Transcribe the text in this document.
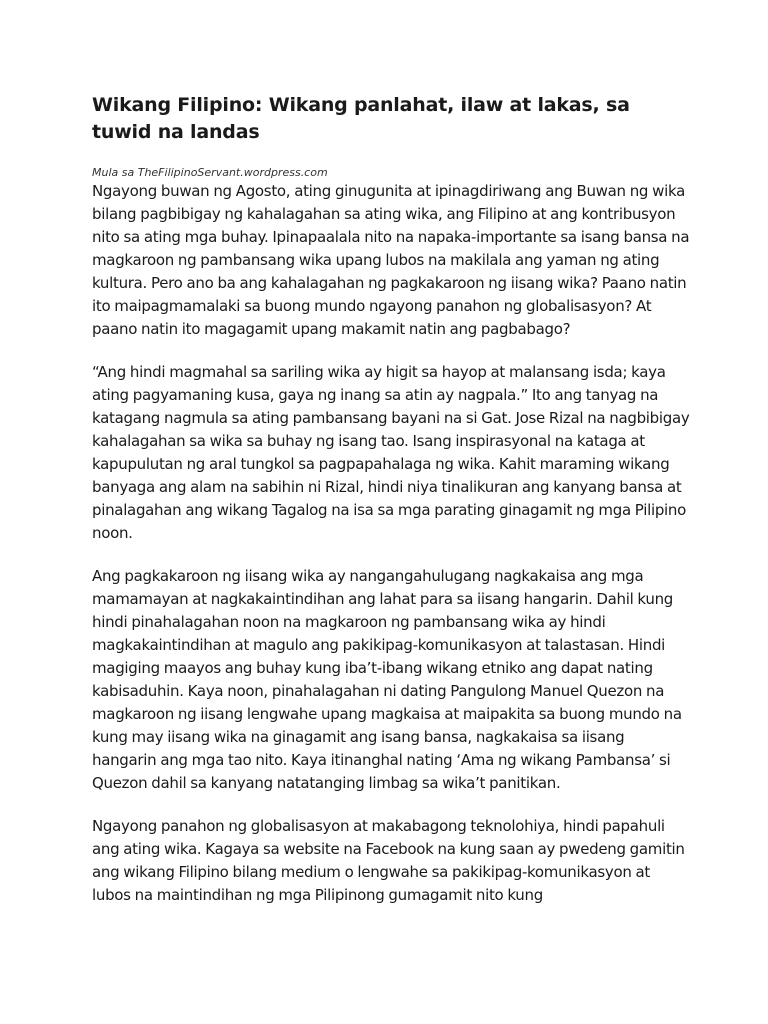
Wikang Filipino: Wikang panlahat, ilaw at lakas, sa tuwid na landas

Mula sa TheFilipinoServant.wordpress.com

Ngayong buwan ng Agosto, ating ginugunita at ipinagdiriwang ang Buwan ng wika bilang pagbibigay ng kahalagahan sa ating wika, ang Filipino at ang kontribusyon nito sa ating mga buhay. Ipinapaalala nito na napaka-importante sa isang bansa na magkaroon ng pambansang wika upang lubos na makilala ang yaman ng ating kultura. Pero ano ba ang kahalagahan ng pagkakaroon ng iisang wika? Paano natin ito maipagmamalaki sa buong mundo ngayong panahon ng globalisasyon? At paano natin ito magagamit upang makamit natin ang pagbabago?

“Ang hindi magmahal sa sariling wika ay higit sa hayop at malansang isda; kaya ating pagyamaning kusa, gaya ng inang sa atin ay nagpala.” Ito ang tanyag na katagang nagmula sa ating pambansang bayani na si Gat. Jose Rizal na nagbibigay kahalagahan sa wika sa buhay ng isang tao. Isang inspirasyonal na kataga at kapupulutan ng aral tungkol sa pagpapahalaga ng wika. Kahit maraming wikang banyaga ang alam na sabihin ni Rizal, hindi niya tinalikuran ang kanyang bansa at pinalagahan ang wikang Tagalog na isa sa mga parating ginagamit ng mga Pilipino noon.

Ang pagkakaroon ng iisang wika ay nangangahulugang nagkakaisa ang mga mamamayan at nagkakaintindihan ang lahat para sa iisang hangarin. Dahil kung hindi pinahalagahan noon na magkaroon ng pambansang wika ay hindi magkakaintindihan at magulo ang pakikipag-komunikasyon at talastasan. Hindi magiging maayos ang buhay kung iba’t-ibang wikang etniko ang dapat nating kabisaduhin. Kaya noon, pinahalagahan ni dating Pangulong Manuel Quezon na magkaroon ng iisang lengwahe upang magkaisa at maipakita sa buong mundo na kung may iisang wika na ginagamit ang isang bansa, nagkakaisa sa iisang hangarin ang mga tao nito. Kaya itinanghal nating ‘Ama ng wikang Pambansa’ si Quezon dahil sa kanyang natatanging limbag sa wika’t panitikan.

Ngayong panahon ng globalisasyon at makabagong teknolohiya, hindi papahuli ang ating wika. Kagaya sa website na Facebook na kung saan ay pwedeng gamitin ang wikang Filipino bilang medium o lengwahe sa pakikipag-komunikasyon at lubos na maintindihan ng mga Pilipinong gumagamit nito kung
